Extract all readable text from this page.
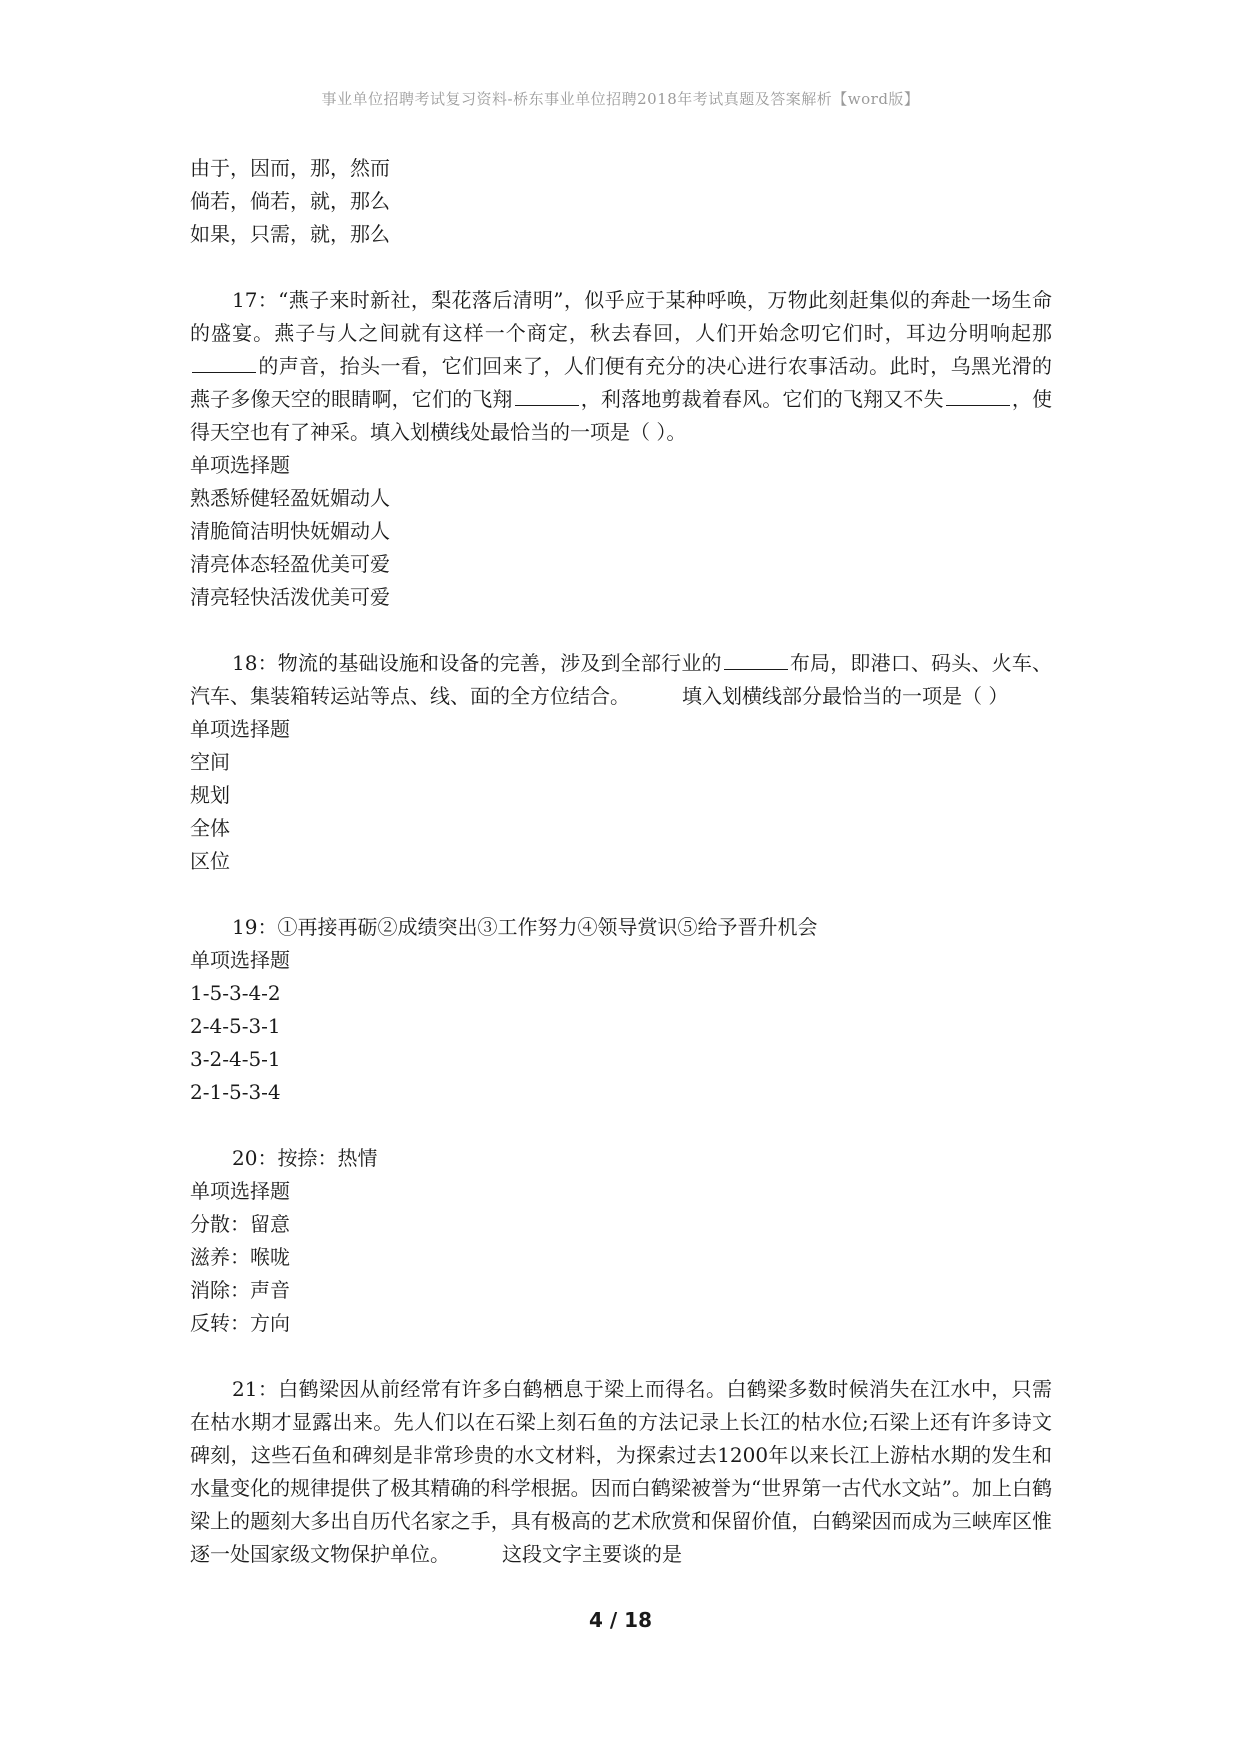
事业单位招聘考试复习资料-桥东事业单位招聘2018年考试真题及答案解析【word版】
由于，因而，那，然而
倘若，倘若，就，那么
如果，只需，就，那么
17：“燕子来时新社，梨花落后清明”，似乎应于某种呼唤，万物此刻赶集似的奔赴一场生命的盛宴。燕子与人之间就有这样一个商定，秋去春回，人们开始念叨它们时，耳边分明响起那的声音，抬头一看，它们回来了，人们便有充分的决心进行农事活动。此时，乌黑光滑的燕子多像天空的眼睛啊，它们的飞翔	，利落地剪裁着春风。它们的飞翔又不失	，使得天空也有了神采。填入划横线处最恰当的一项是（ ）。
单项选择题
熟悉矫健轻盈妩媚动人
清脆简洁明快妩媚动人
清亮体态轻盈优美可爱
清亮轻快活泼优美可爱
18：物流的基础设施和设备的完善，涉及到全部行业的	布局，即港口、码头、火车、汽车、集装箱转运站等点、线、面的全方位结合。	填入划横线部分最恰当的一项是（ ）
单项选择题
空间
规划
全体
区位
19：①再接再砺②成绩突出③工作努力④领导赏识⑤给予晋升机会
单项选择题
1-5-3-4-2
2-4-5-3-1
3-2-4-5-1
2-1-5-3-4
20：按捺：热情
单项选择题
分散：留意
滋养：喉咙
消除：声音
反转：方向
21：白鹤梁因从前经常有许多白鹤栖息于梁上而得名。白鹤梁多数时候消失在江水中，只需在枯水期才显露出来。先人们以在石梁上刻石鱼的方法记录上长江的枯水位;石梁上还有许多诗文碑刻，这些石鱼和碑刻是非常珍贵的水文材料，为探索过去1200年以来长江上游枯水期的发生和水量变化的规律提供了极其精确的科学根据。因而白鹤梁被誉为“世界第一古代水文站”。加上白鹤梁上的题刻大多出自历代名家之手，具有极高的艺术欣赏和保留价值，白鹤梁因而成为三峡库区惟逐一处国家级文物保护单位。	这段文字主要谈的是
4 / 18
